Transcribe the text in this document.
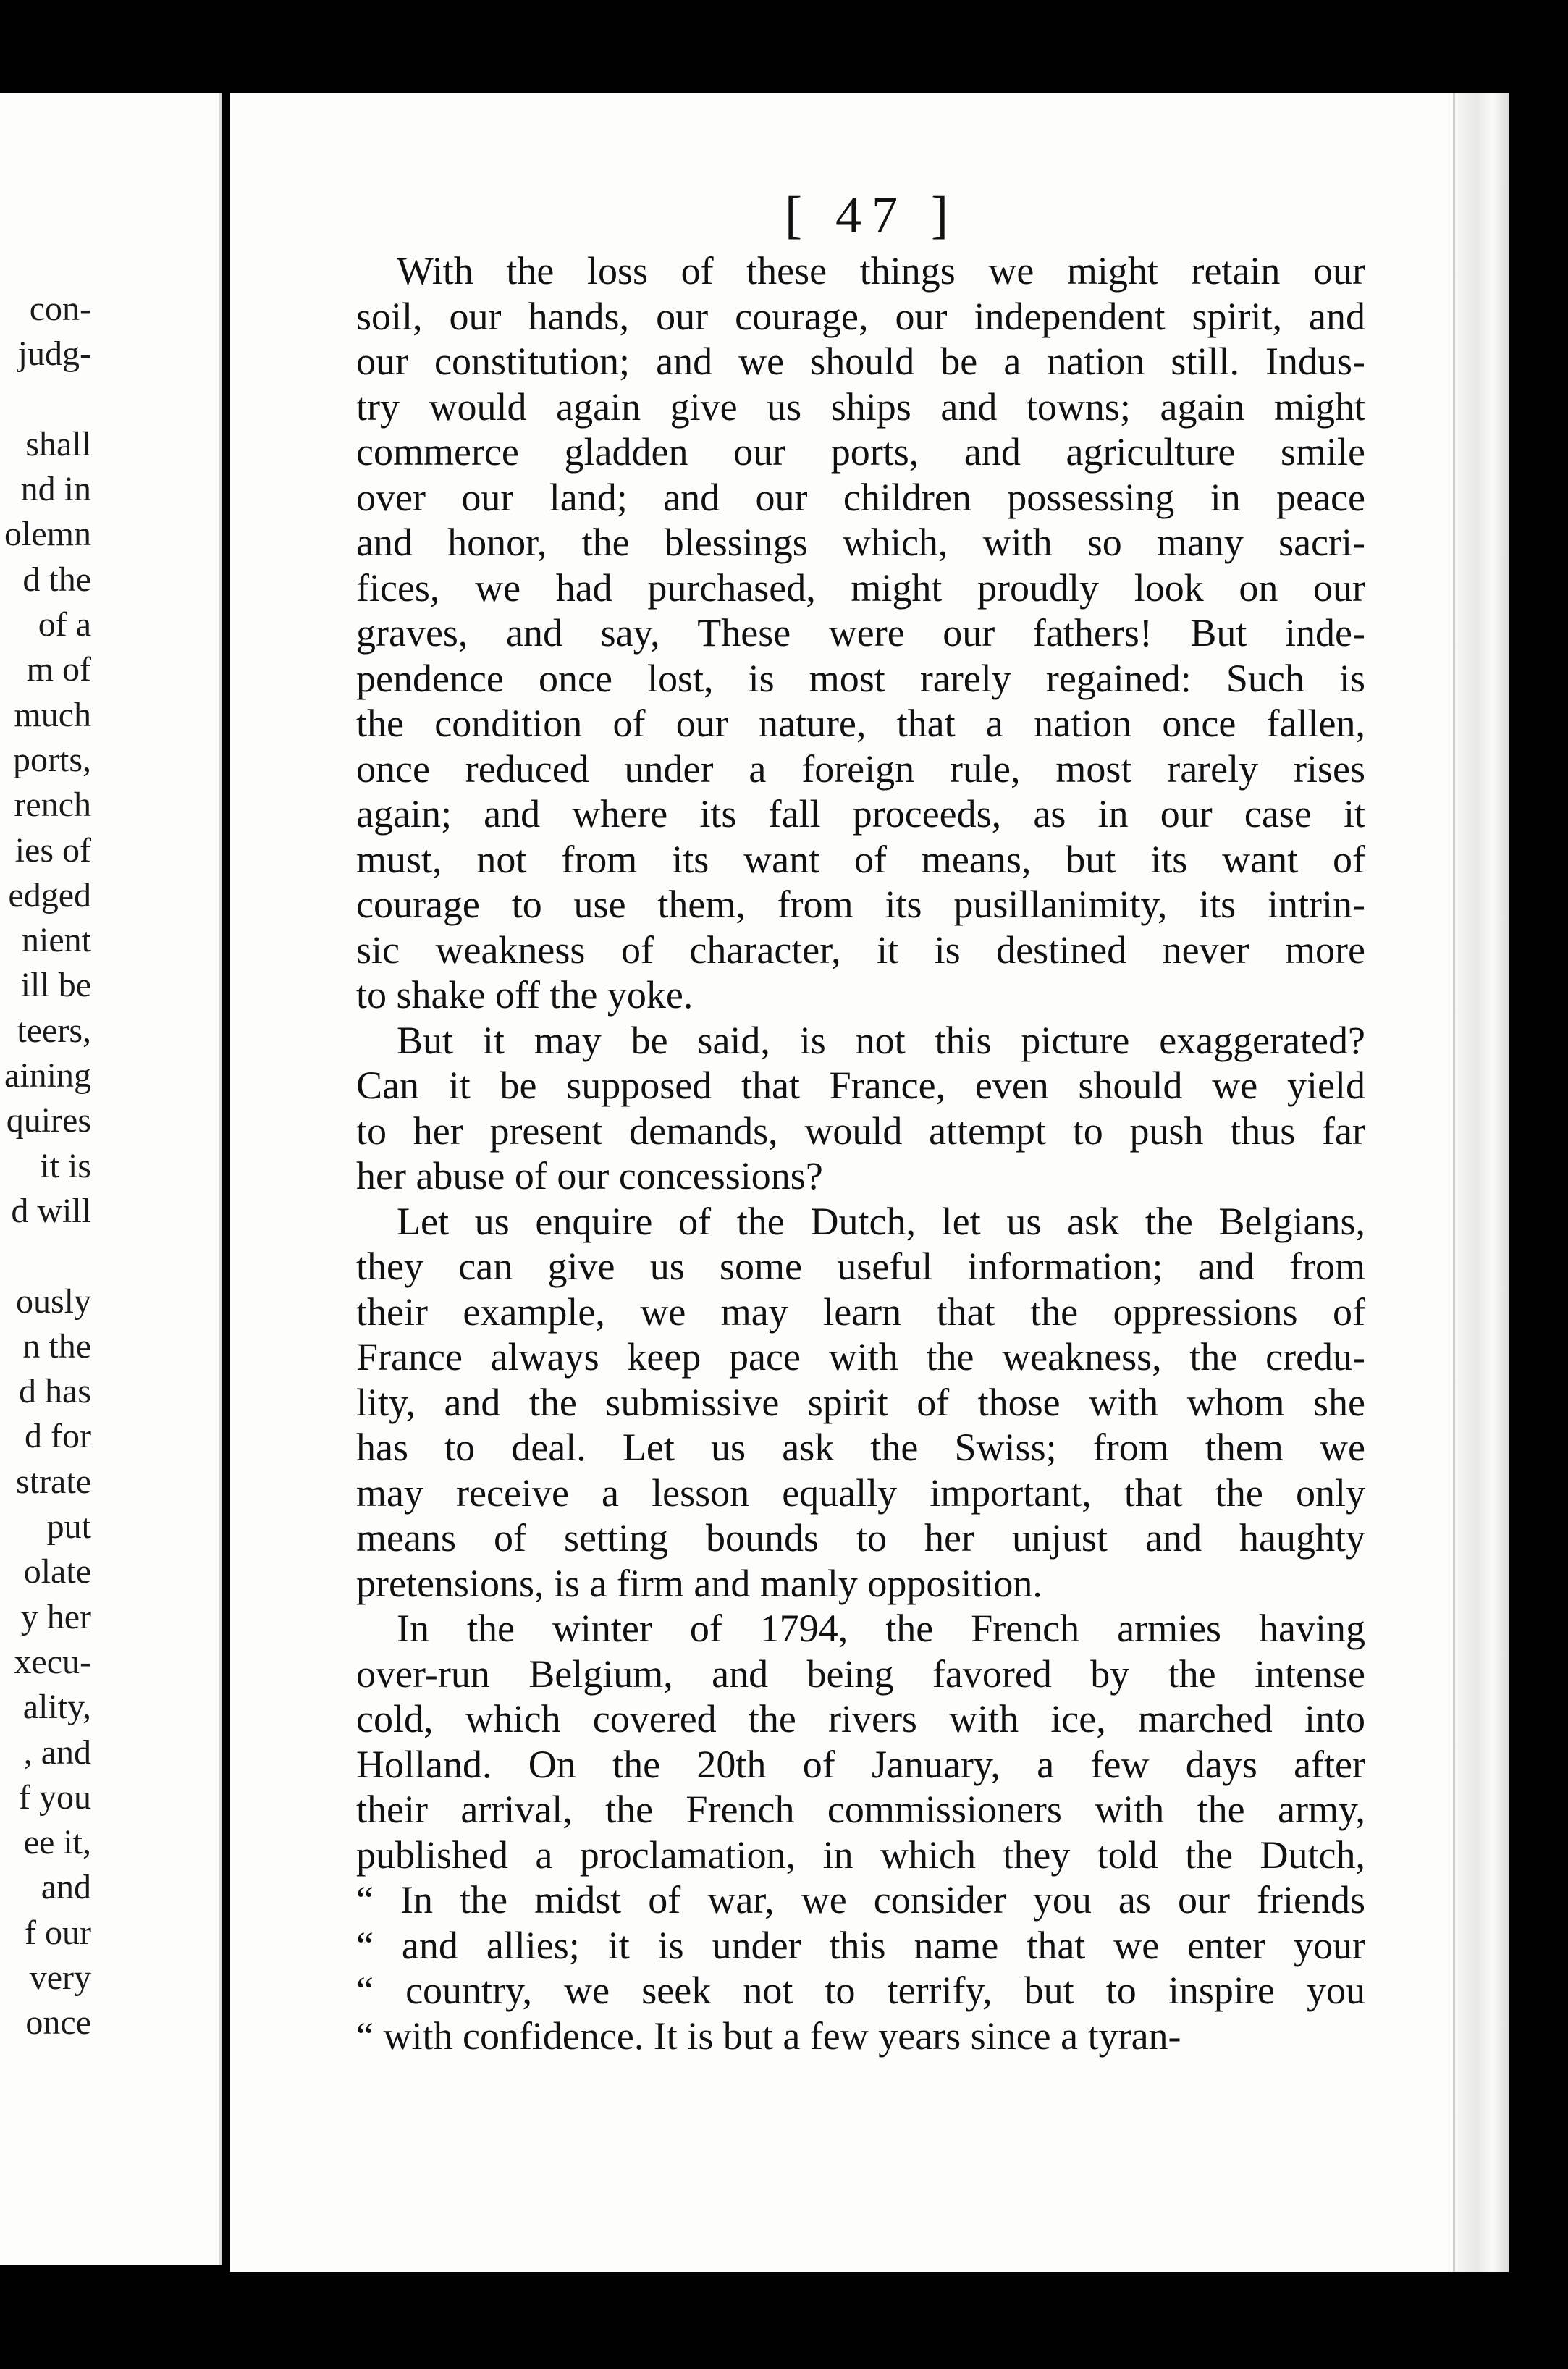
con-
judg-

shall
nd in
olemn
d the
of a
m of
much
ports,
rench
ies of
edged
nient
ill be
teers,
aining
quires
it is
d will

ously
n the
d has
d for
strate
put
olate
y her
xecu-
ality,
, and
f you
ee it,
and
f our
very
once
[ 47 ]

With the loss of these things we might retain our
soil, our hands, our courage, our independent spirit, and
our constitution; and we should be a nation still. Indus-
try would again give us ships and towns; again might
commerce gladden our ports, and agriculture smile
over our land; and our children possessing in peace
and honor, the blessings which, with so many sacri-
fices, we had purchased, might proudly look on our
graves, and say, These were our fathers! But inde-
pendence once lost, is most rarely regained: Such is
the condition of our nature, that a nation once fallen,
once reduced under a foreign rule, most rarely rises
again; and where its fall proceeds, as in our case it
must, not from its want of means, but its want of
courage to use them, from its pusillanimity, its intrin-
sic weakness of character, it is destined never more
to shake off the yoke.

But it may be said, is not this picture exaggerated?
Can it be supposed that France, even should we yield
to her present demands, would attempt to push thus far
her abuse of our concessions?

Let us enquire of the Dutch, let us ask the Belgians,
they can give us some useful information; and from
their example, we may learn that the oppressions of
France always keep pace with the weakness, the credu-
lity, and the submissive spirit of those with whom she
has to deal. Let us ask the Swiss; from them we
may receive a lesson equally important, that the only
means of setting bounds to her unjust and haughty
pretensions, is a firm and manly opposition.

In the winter of 1794, the French armies having
over-run Belgium, and being favored by the intense
cold, which covered the rivers with ice, marched into
Holland. On the 20th of January, a few days after
their arrival, the French commissioners with the army,
published a proclamation, in which they told the Dutch,
“ In the midst of war, we consider you as our friends
“ and allies; it is under this name that we enter your
“ country, we seek not to terrify, but to inspire you
“ with confidence. It is but a few years since a tyran-
